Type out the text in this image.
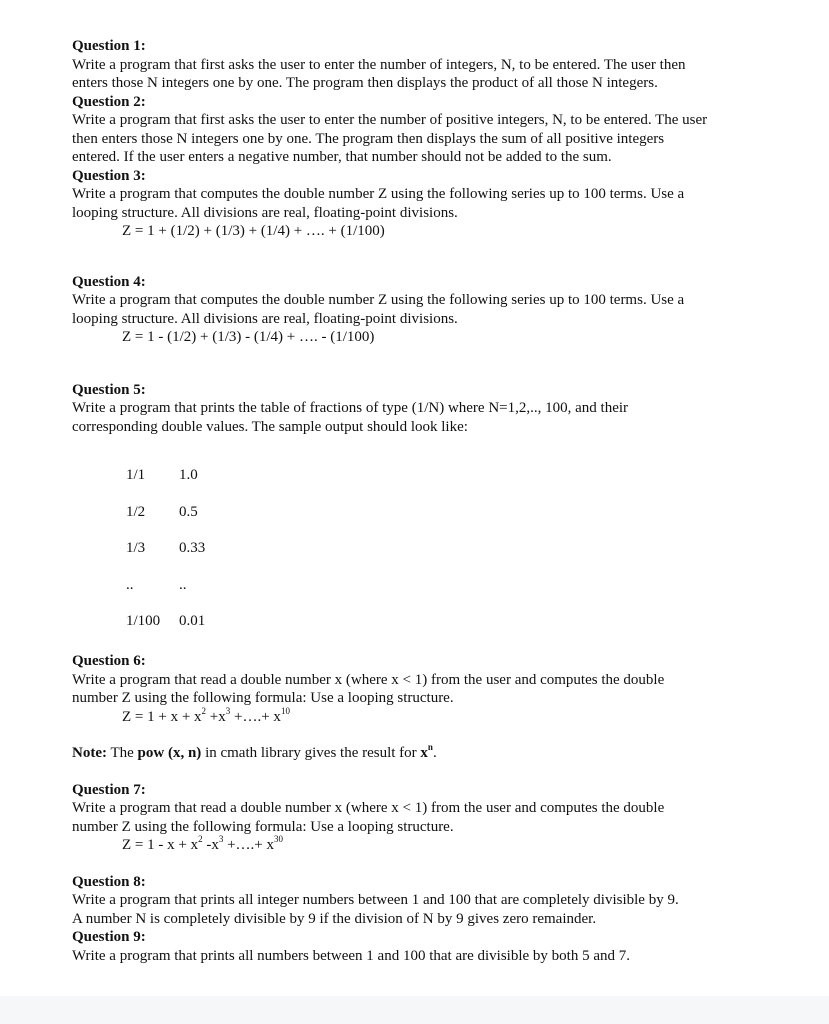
Question 1:
Write a program that first asks the user to enter the number of integers, N, to be entered. The user then
enters those N integers one by one. The program then displays the product of all those N integers.
Question 2:
Write a program that first asks the user to enter the number of positive integers, N, to be entered. The user
then enters those N integers one by one. The program then displays the sum of all positive integers
entered. If the user enters a negative number, that number should not be added to the sum.
Question 3:
Write a program that computes the double number Z using the following series up to 100 terms. Use a
looping structure. All divisions are real, floating-point divisions.
Z = 1 + (1/2) + (1/3) + (1/4) + …. + (1/100)
Question 4:
Write a program that computes the double number Z using the following series up to 100 terms. Use a
looping structure. All divisions are real, floating-point divisions.
Z = 1 - (1/2) + (1/3) - (1/4) + …. - (1/100)
Question 5:
Write a program that prints the table of fractions of type (1/N) where N=1,2,.., 100, and their
corresponding double values. The sample output should look like:
1/1	1.0
1/2	0.5
1/3	0.33
..	..
1/100	0.01
Question 6:
Write a program that read a double number x (where x < 1) from the user and computes the double
number Z using the following formula: Use a looping structure.
$Z = 1 + x + x^2 +x^3$ +….+ $x^{10}$
Note: The pow (x, n) in cmath library gives the result for $x^n$.
Question 7:
Write a program that read a double number x (where x < 1) from the user and computes the double
number Z using the following formula: Use a looping structure.
$Z = 1 - x + x^2$ $-x^3$ +….+ $x^{30}$
Question 8:
Write a program that prints all integer numbers between 1 and 100 that are completely divisible by 9.
A number N is completely divisible by 9 if the division of N by 9 gives zero remainder.
Question 9:
Write a program that prints all numbers between 1 and 100 that are divisible by both 5 and 7.
